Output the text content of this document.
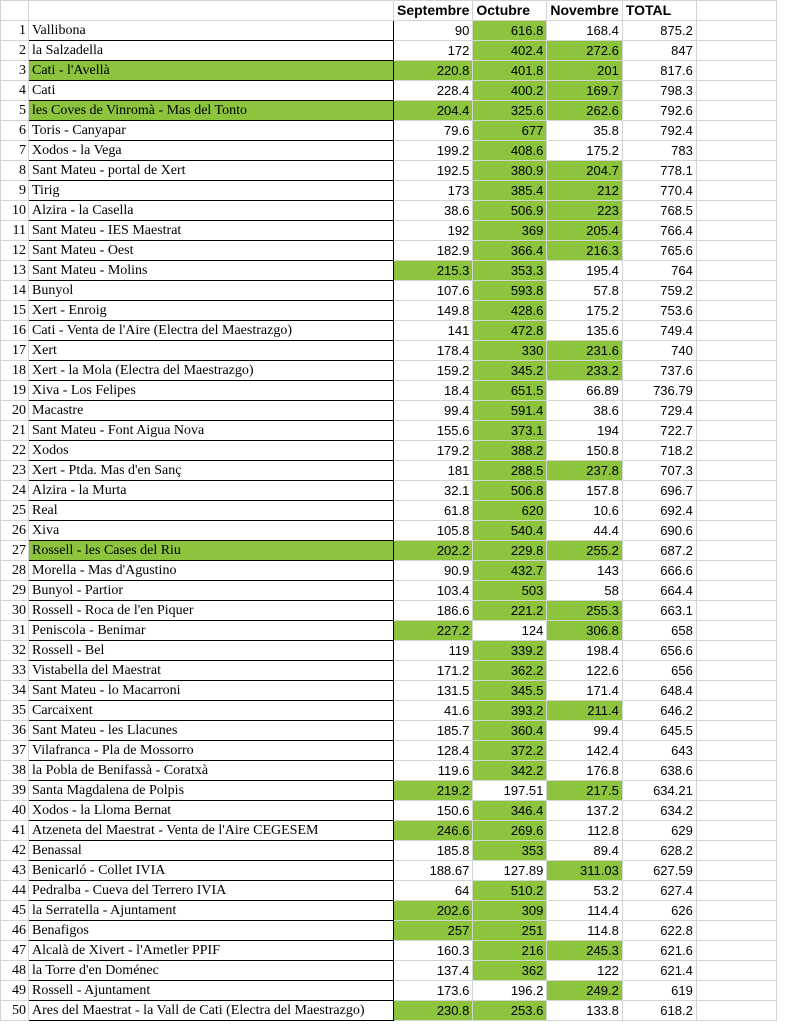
		Septembre	Octubre	Novembre	TOTAL	
1	Vallibona	90	616.8	168.4	875.2	
2	la Salzadella	172	402.4	272.6	847	
3	Cati - l'Avellà	220.8	401.8	201	817.6	
4	Cati	228.4	400.2	169.7	798.3	
5	les Coves de Vinromà - Mas del Tonto	204.4	325.6	262.6	792.6	
6	Toris - Canyapar	79.6	677	35.8	792.4	
7	Xodos - la Vega	199.2	408.6	175.2	783	
8	Sant Mateu - portal de Xert	192.5	380.9	204.7	778.1	
9	Tirig	173	385.4	212	770.4	
10	Alzira - la Casella	38.6	506.9	223	768.5	
11	Sant Mateu - IES Maestrat	192	369	205.4	766.4	
12	Sant Mateu - Oest	182.9	366.4	216.3	765.6	
13	Sant Mateu - Molins	215.3	353.3	195.4	764	
14	Bunyol	107.6	593.8	57.8	759.2	
15	Xert - Enroig	149.8	428.6	175.2	753.6	
16	Cati - Venta de l'Aire (Electra del Maestrazgo)	141	472.8	135.6	749.4	
17	Xert	178.4	330	231.6	740	
18	Xert - la Mola (Electra del Maestrazgo)	159.2	345.2	233.2	737.6	
19	Xiva - Los Felipes	18.4	651.5	66.89	736.79	
20	Macastre	99.4	591.4	38.6	729.4	
21	Sant Mateu - Font Aigua Nova	155.6	373.1	194	722.7	
22	Xodos	179.2	388.2	150.8	718.2	
23	Xert - Ptda. Mas d'en Sanç	181	288.5	237.8	707.3	
24	Alzira - la Murta	32.1	506.8	157.8	696.7	
25	Real	61.8	620	10.6	692.4	
26	Xiva	105.8	540.4	44.4	690.6	
27	Rossell - les Cases del Riu	202.2	229.8	255.2	687.2	
28	Morella - Mas d'Agustino	90.9	432.7	143	666.6	
29	Bunyol - Partior	103.4	503	58	664.4	
30	Rossell - Roca de l'en Piquer	186.6	221.2	255.3	663.1	
31	Peniscola - Benimar	227.2	124	306.8	658	
32	Rossell - Bel	119	339.2	198.4	656.6	
33	Vistabella del Maestrat	171.2	362.2	122.6	656	
34	Sant Mateu - lo Macarroni	131.5	345.5	171.4	648.4	
35	Carcaixent	41.6	393.2	211.4	646.2	
36	Sant Mateu - les Llacunes	185.7	360.4	99.4	645.5	
37	Vilafranca - Pla de Mossorro	128.4	372.2	142.4	643	
38	la Pobla de Benifassà - Coratxà	119.6	342.2	176.8	638.6	
39	Santa Magdalena de Polpis	219.2	197.51	217.5	634.21	
40	Xodos - la Lloma Bernat	150.6	346.4	137.2	634.2	
41	Atzeneta del Maestrat - Venta de l'Aire CEGESEM	246.6	269.6	112.8	629	
42	Benassal	185.8	353	89.4	628.2	
43	Benicarló - Collet IVIA	188.67	127.89	311.03	627.59	
44	Pedralba - Cueva del Terrero IVIA	64	510.2	53.2	627.4	
45	la Serratella - Ajuntament	202.6	309	114.4	626	
46	Benafigos	257	251	114.8	622.8	
47	Alcalà de Xivert - l'Ametler PPIF	160.3	216	245.3	621.6	
48	la Torre d'en Doménec	137.4	362	122	621.4	
49	Rossell - Ajuntament	173.6	196.2	249.2	619	
50	Ares del Maestrat - la Vall de Cati (Electra del Maestrazgo)	230.8	253.6	133.8	618.2	
